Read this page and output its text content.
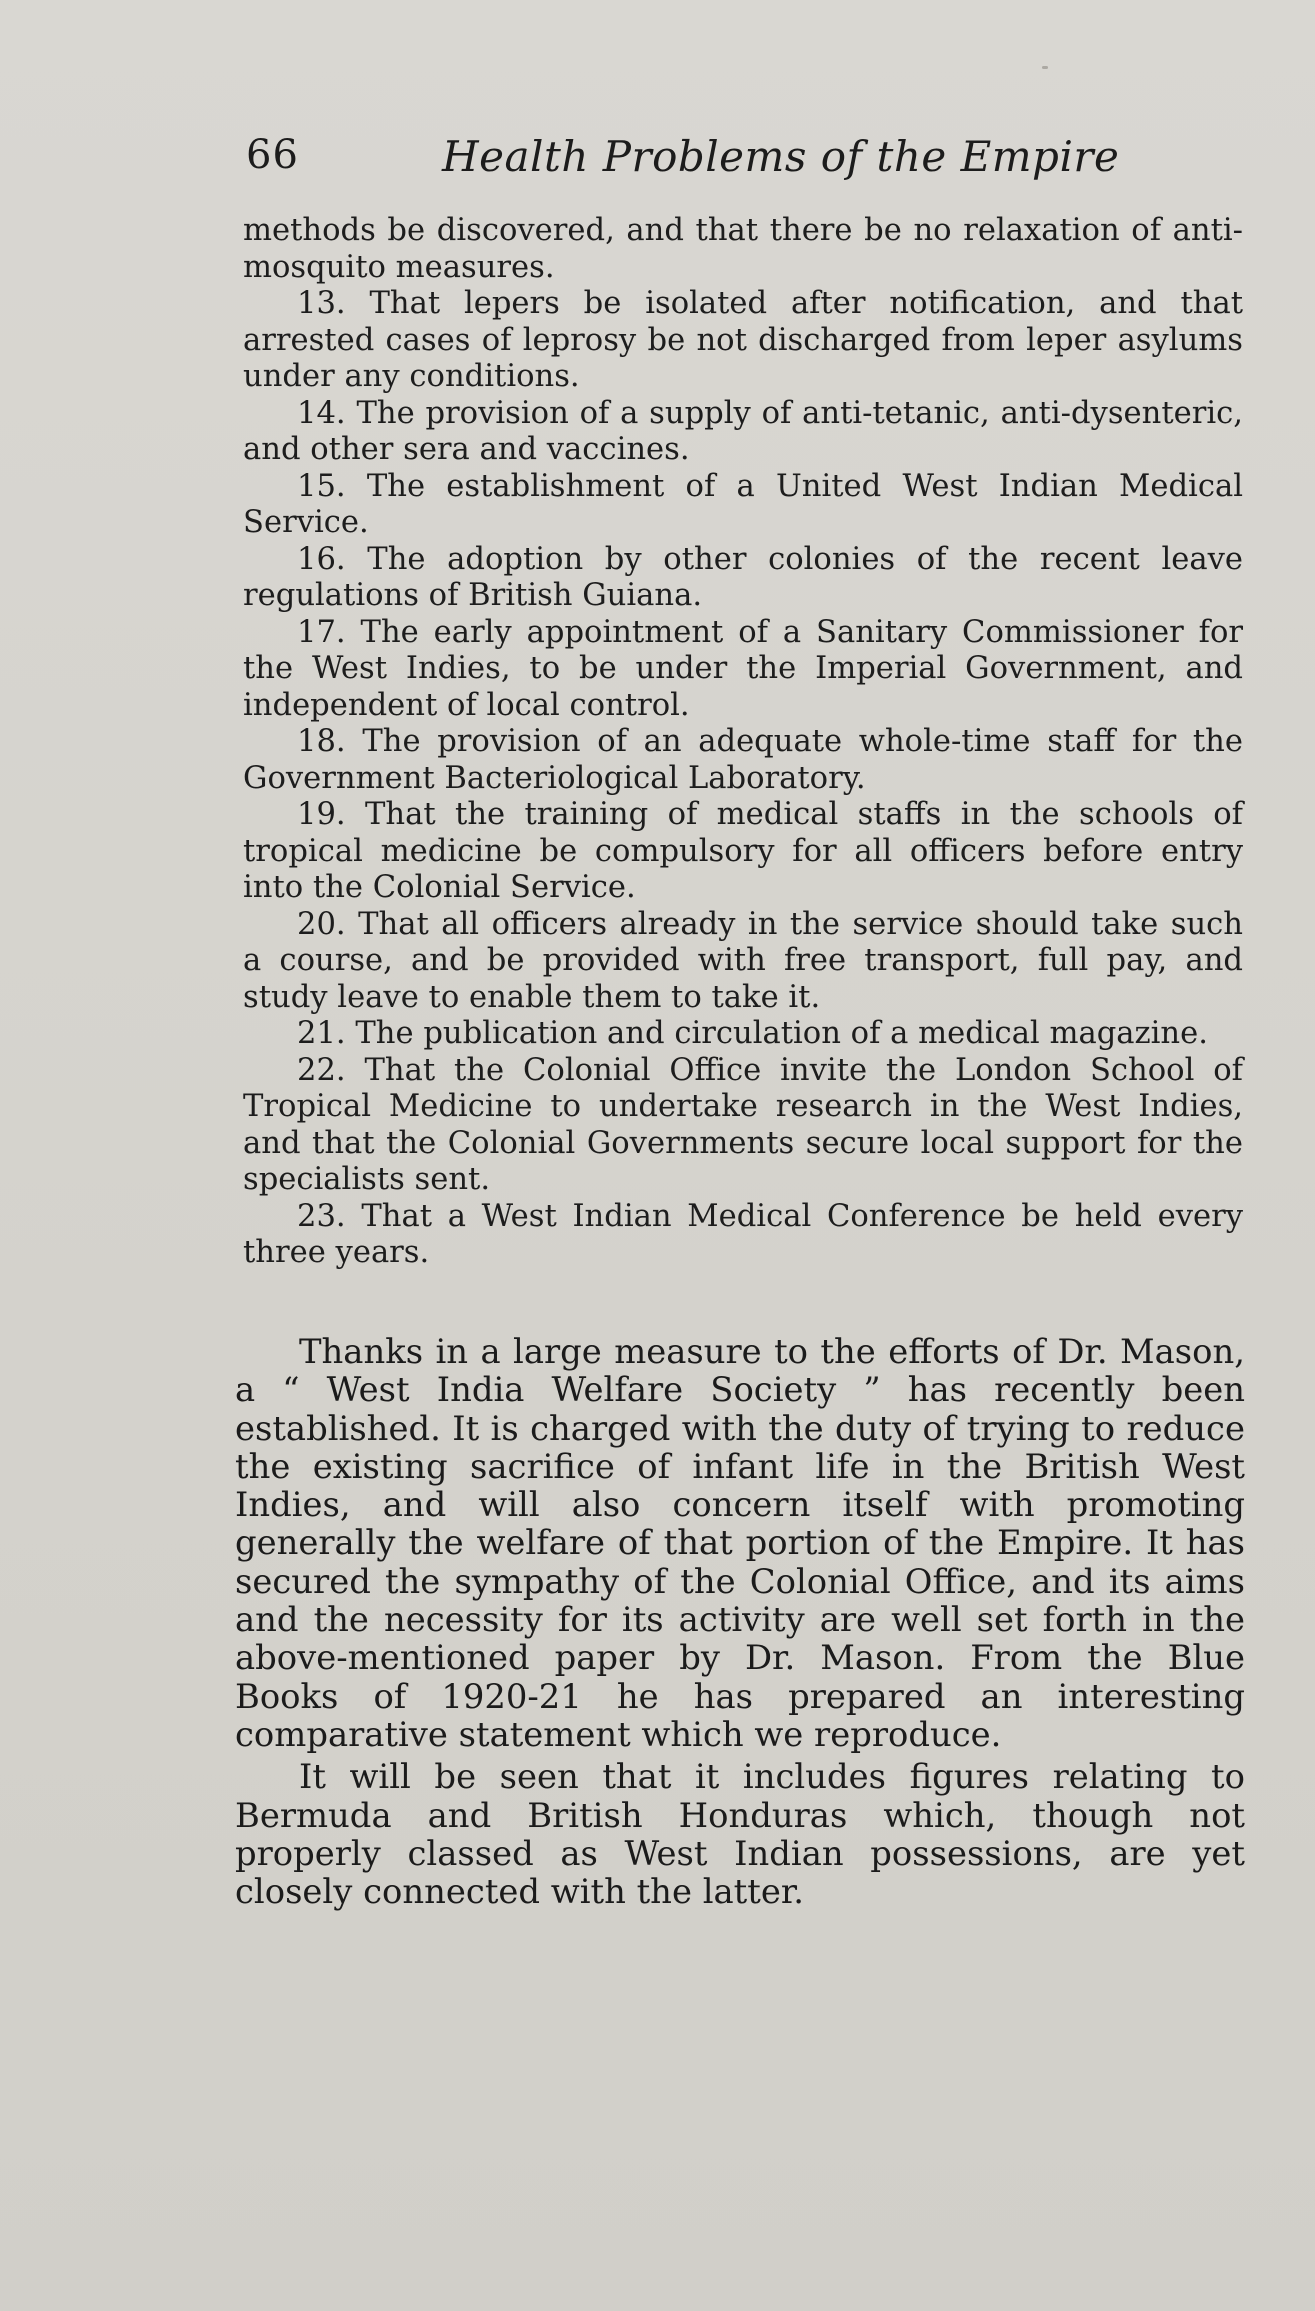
66	Health Problems of the Empire

methods be discovered, and that there be no relaxation of anti-mosquito measures.

13. That lepers be isolated after notification, and that arrested cases of leprosy be not discharged from leper asylums under any conditions.

14. The provision of a supply of anti-tetanic, anti-dysenteric, and other sera and vaccines.

15. The establishment of a United West Indian Medical Service.

16. The adoption by other colonies of the recent leave regulations of British Guiana.

17. The early appointment of a Sanitary Commissioner for the West Indies, to be under the Imperial Government, and independent of local control.

18. The provision of an adequate whole-time staff for the Government Bacteriological Laboratory.

19. That the training of medical staffs in the schools of tropical medicine be compulsory for all officers before entry into the Colonial Service.

20. That all officers already in the service should take such a course, and be provided with free transport, full pay, and study leave to enable them to take it.

21. The publication and circulation of a medical magazine.

22. That the Colonial Office invite the London School of Tropical Medicine to undertake research in the West Indies, and that the Colonial Governments secure local support for the specialists sent.

23. That a West Indian Medical Conference be held every three years.

Thanks in a large measure to the efforts of Dr. Mason, a “ West India Welfare Society ” has recently been established. It is charged with the duty of trying to reduce the existing sacrifice of infant life in the British West Indies, and will also concern itself with promoting generally the welfare of that portion of the Empire. It has secured the sympathy of the Colonial Office, and its aims and the necessity for its activity are well set forth in the above-mentioned paper by Dr. Mason. From the Blue Books of 1920-21 he has prepared an interesting comparative statement which we reproduce.

It will be seen that it includes figures relating to Bermuda and British Honduras which, though not properly classed as West Indian possessions, are yet closely connected with the latter.
